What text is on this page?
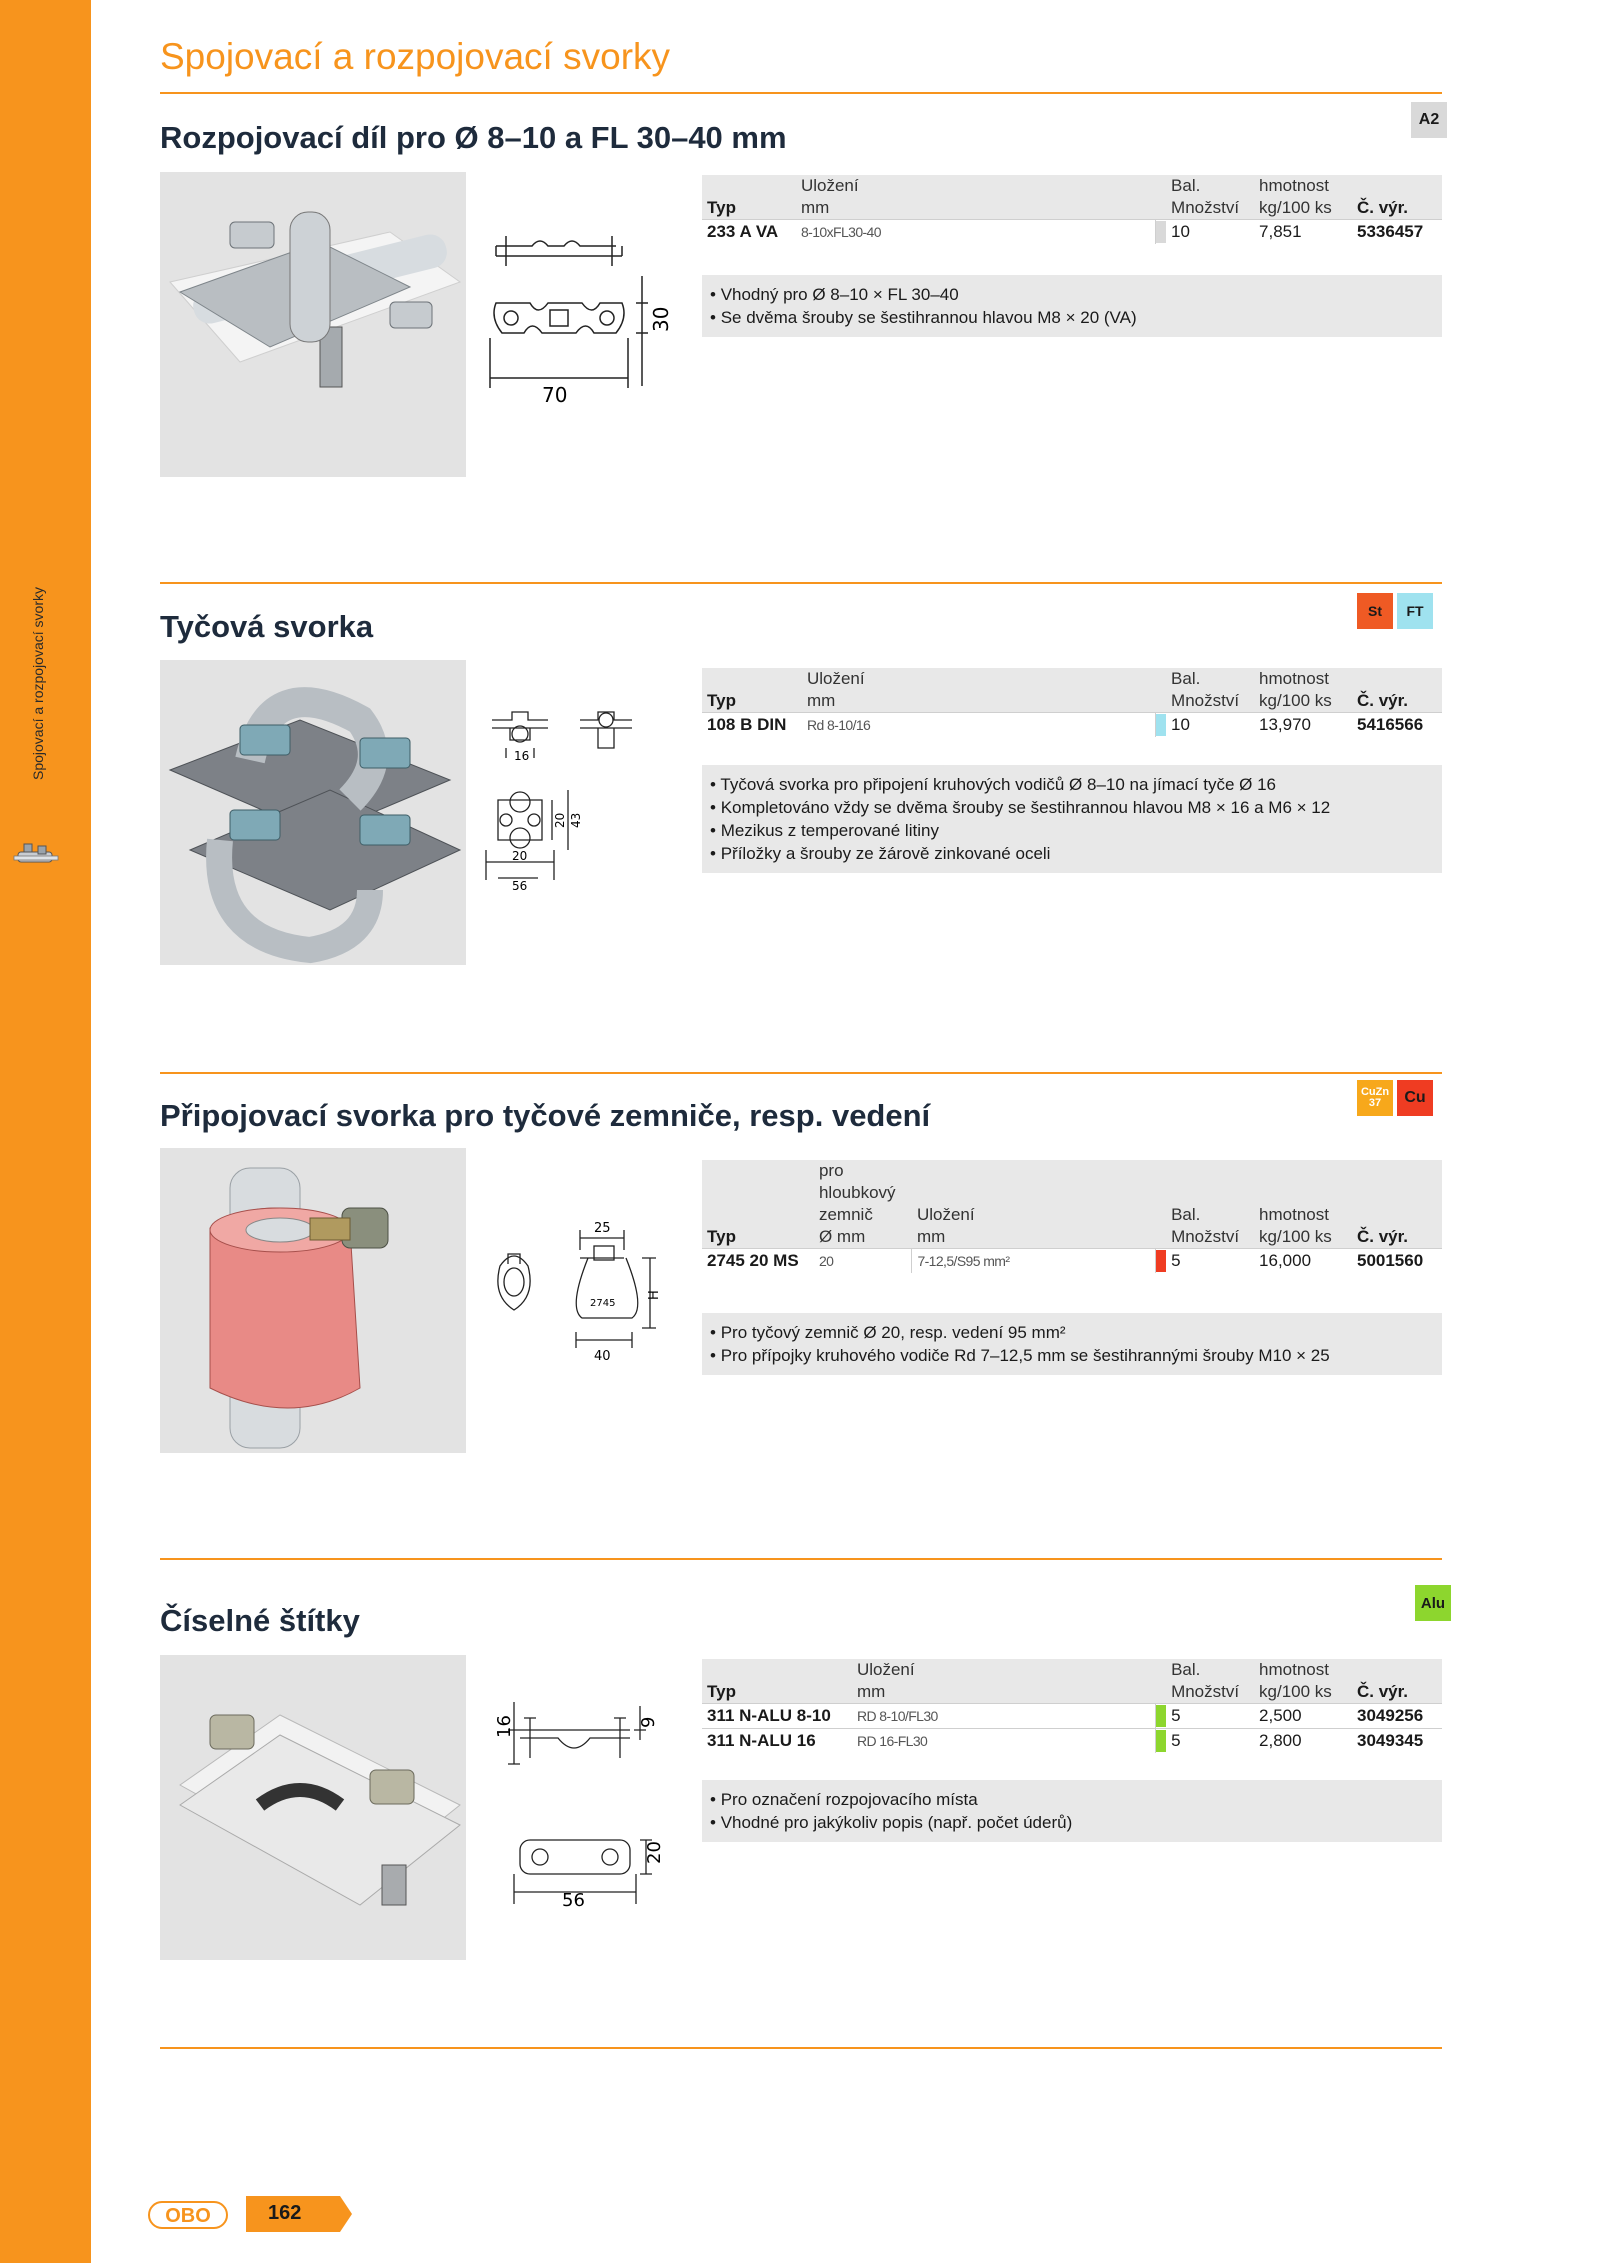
Spojovací a rozpojovací svorky
Spojovací a rozpojovací svorky
Rozpojovací díl pro Ø 8–10 a FL 30–40 mm
A2
70
30
	Uložení		Bal.	hmotnost	
Typ	mm		Množství	kg/100 ks	Č. výr.
233 A VA	8-10xFL30-40		10	7,851	5336457
• Vhodný pro Ø 8–10 × FL 30–40
• Se dvěma šrouby se šestihrannou hlavou M8 × 20 (VA)
Tyčová svorka	St	FT
16
20 43
20
56
	Uložení		Bal.	hmotnost	
Typ	mm		Množství	kg/100 ks	Č. výr.
108 B DIN	Rd 8-10/16		10	13,970	5416566
• Tyčová svorka pro připojení kruhových vodičů Ø 8–10 na jímací tyče Ø 16
• Kompletováno vždy se dvěma šrouby se šestihrannou hlavou M8 × 16 a M6 × 12
• Mezikus z temperované litiny
• Příložky a šrouby ze žárově zinkované oceli
Připojovací svorka pro tyčové zemniče, resp. vedení
CuZn 37	Cu
25
H
40
2745
	pro					
	hloubkový					
	zemnič	Uložení		Bal.	hmotnost	
Typ	Ø mm	mm		Množství	kg/100 ks	Č. výr.
2745 20 MS	20	7-12,5/S95 mm²		5	16,000	5001560
• Pro tyčový zemnič Ø 20, resp. vedení 95 mm²
• Pro přípojky kruhového vodiče Rd 7–12,5 mm se šestihrannými šrouby M10 × 25
Číselné štítky	Alu
16	9
20
56
	Uložení		Bal.	hmotnost	
Typ	mm		Množství	kg/100 ks	Č. výr.
311 N-ALU 8-10	RD 8-10/FL30		5	2,500	3049256
311 N-ALU 16	RD 16-FL30		5	2,800	3049345
• Pro označení rozpojovacího místa
• Vhodné pro jakýkoliv popis (např. počet úderů)
OBO	162
